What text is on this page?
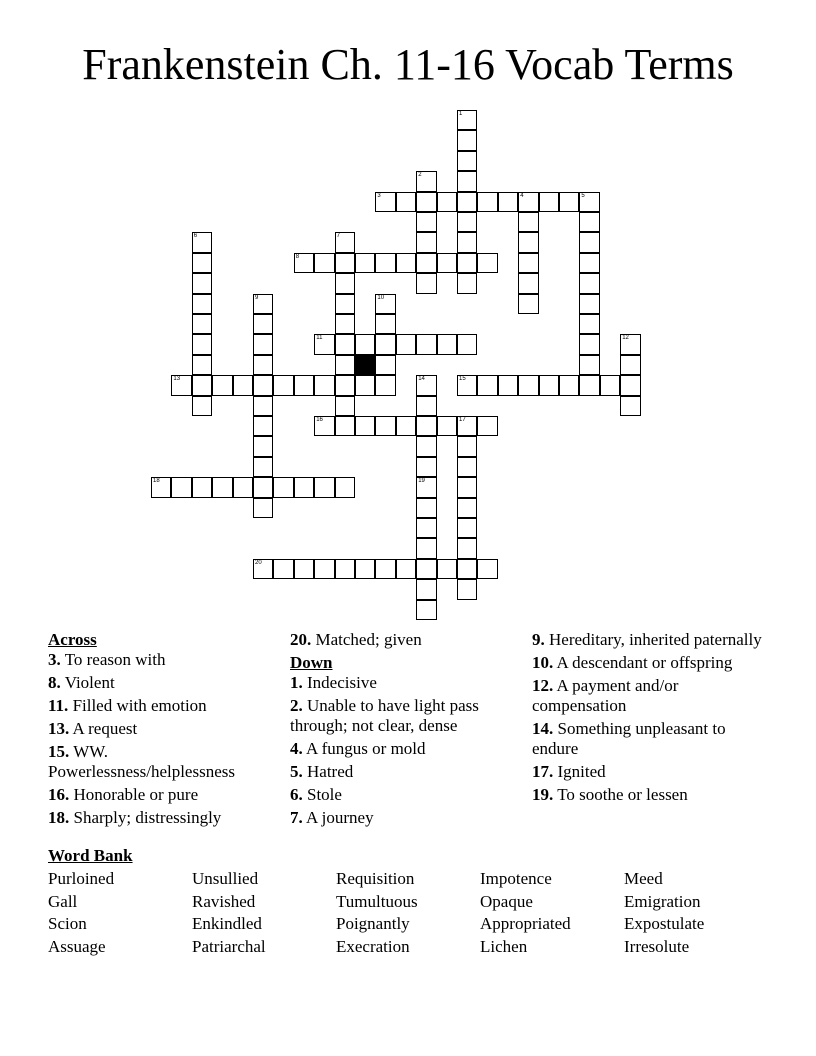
Frankenstein Ch. 11-16 Vocab Terms
1
2
3	4	5
6	7
8
9	10
11	12
13	14	15
16	17
18	19
20
Across
3. To reason with
8. Violent
11. Filled with emotion
13. A request
15. WW. Powerlessness/helplessness
16. Honorable or pure
18. Sharply; distressingly
20. Matched; given
Down
1. Indecisive
2. Unable to have light pass through; not clear, dense
4. A fungus or mold
5. Hatred
6. Stole
7. A journey
9. Hereditary, inherited paternally
10. A descendant or offspring
12. A payment and/or compensation
14. Something unpleasant to endure
17. Ignited
19. To soothe or lessen
Word Bank
Purloined
Gall
Scion
Assuage
Unsullied
Ravished
Enkindled
Patriarchal
Requisition
Tumultuous
Poignantly
Execration
Impotence
Opaque
Appropriated
Lichen
Meed
Emigration
Expostulate
Irresolute
